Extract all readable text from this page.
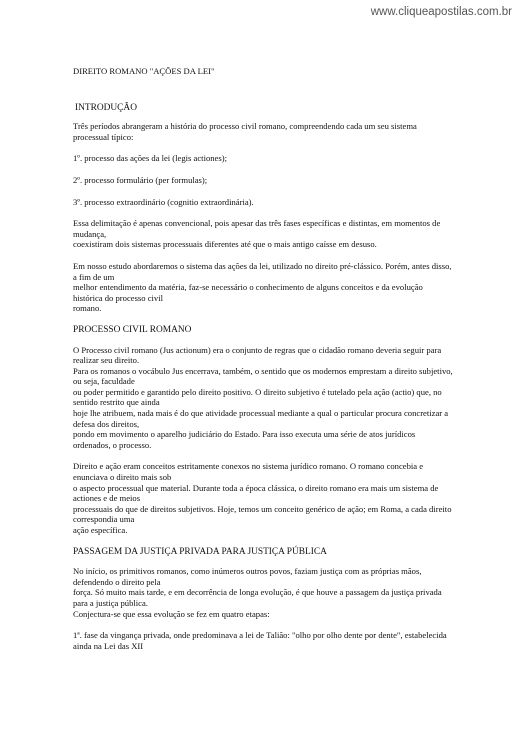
www.cliqueapostilas.com.br
DIREITO ROMANO "AÇÕES DA LEI"
INTRODUÇÃO
Três períodos abrangeram a história do processo civil romano, compreendendo cada um seu sistema
processual típico:
1º. processo das ações da lei (legis actiones);
2º. processo formulário (per formulas);
3º. processo extraordinário (cognitio extraordinária).
Essa delimitação é apenas convencional, pois apesar das três fases específicas e distintas, em momentos de
mudança,
coexistiram dois sistemas processuais diferentes até que o mais antigo caísse em desuso.
Em nosso estudo abordaremos o sistema das ações da lei, utilizado no direito pré-clássico. Porém, antes disso,
a fim de um
melhor entendimento da matéria, faz-se necessário o conhecimento de alguns conceitos e da evolução
histórica do processo civil
romano.
PROCESSO CIVIL ROMANO
O Processo civil romano (Jus actionum) era o conjunto de regras que o cidadão romano deveria seguir para
realizar seu direito.
Para os romanos o vocábulo Jus encerrava, também, o sentido que os modernos emprestam a direito subjetivo,
ou seja, faculdade
ou poder permitido e garantido pelo direito positivo. O direito subjetivo é tutelado pela ação (actio) que, no
sentido restrito que ainda
hoje lhe atribuem, nada mais é do que atividade processual mediante a qual o particular procura concretizar a
defesa dos direitos,
pondo em movimento o aparelho judiciário do Estado. Para isso executa uma série de atos jurídicos
ordenados, o processo.
Direito e ação eram conceitos estritamente conexos no sistema jurídico romano. O romano concebia e
enunciava o direito mais sob
o aspecto processual que material. Durante toda a época clássica, o direito romano era mais um sistema de
actiones e de meios
processuais do que de direitos subjetivos. Hoje, temos um conceito genérico de ação; em Roma, a cada direito
correspondia uma
ação específica.
PASSAGEM DA JUSTIÇA PRIVADA PARA JUSTIÇA PÚBLICA
No início, os primitivos romanos, como inúmeros outros povos, faziam justiça com as próprias mãos,
defendendo o direito pela
força. Só muito mais tarde, e em decorrência de longa evolução, é que houve a passagem da justiça privada
para a justiça pública.
Conjectura-se que essa evolução se fez em quatro etapas:
1ª. fase da vingança privada, onde predominava a lei de Talião: "olho por olho dente por dente", estabelecida
ainda na Lei das XII
